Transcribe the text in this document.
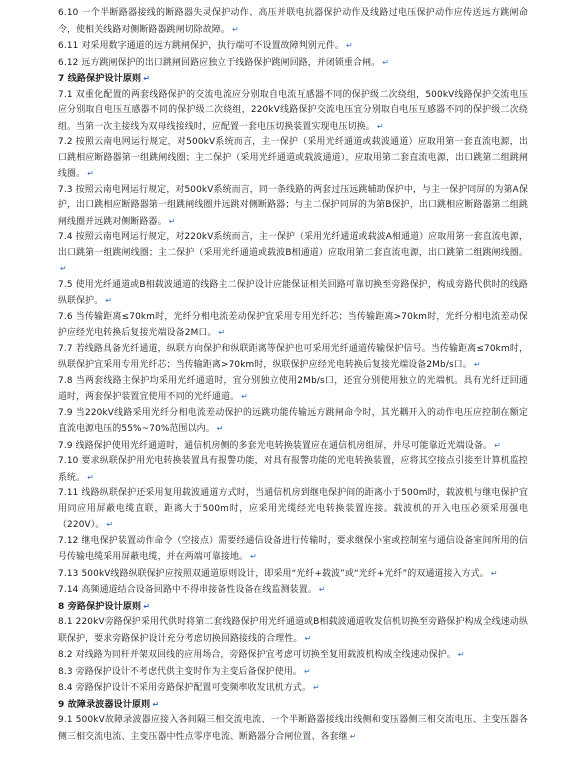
6.10 一个半断路器接线的断路器失灵保护动作、高压并联电抗器保护动作及线路过电压保护动作应传送远方跳闸命令，使相关线路对侧断路器跳闸切除故障。 ↵
6.11 对采用数字通道的远方跳闸保护，执行端可不设置故障判别元件。 ↵
6.12 远方跳闸保护的出口跳闸回路应独立于线路保护跳闸回路，并闭锁重合闸。 ↵
7 线路保护设计原则 ↵
7.1 双重化配置的两套线路保护的交流电流应分别取自电流互感器不同的保护级二次绕组，500kV线路保护交流电压应分别取自电压互感器不同的保护级二次绕组，220kV线路保护交流电压宜分别取自电压互感器不同的保护级二次绕组。当第一次主接线为双母线接线时，应配置一套电压切换装置实现电压切换。 ↵
7.2 按照云南电网运行规定，对500kV系统而言，主一保护（采用光纤通道或载波通道）应取用第一套直流电源，出口跳相应断路器第一组跳闸线圈；主二保护（采用光纤通道或载波通道），应取用第二套直流电源，出口跳第二组跳闸线圈。 ↵
7.3 按照云南电网运行规定，对500kV系统而言，同一条线路的两套过压远跳辅助保护中，与主一保护同屏的为第A保护，出口跳相应断路器第一组跳闸线圈并远跳对侧断路器；与主二保护同屏的为第B保护，出口跳相应断路器第二组跳闸线圈并远跳对侧断路器。 ↵
7.4 按照云南电网运行规定，对220kV系统而言，主一保护（采用光纤通道或载波A相通道）应取用第一套直流电源，出口跳第一组跳闸线圈；主二保护（采用光纤通道或载波B相通道）应取用第二套直流电源，出口跳第二组跳闸线圈。↵
7.5 使用光纤通道或B相载波通道的线路主二保护设计应能保证相关回路可靠切换至旁路保护，构成旁路代供时的线路纵联保护。 ↵
7.6 当传输距离≤70km时，光纤分相电流差动保护宜采用专用光纤芯；当传输距离>70km时，光纤分相电流差动保护应经光电转换后复接光端设备2M口。 ↵
7.7 若线路具备光纤通道，纵联方向保护和纵联距离等保护也可采用光纤通道传输保护信号。当传输距离≤70km时，纵联保护宜采用专用光纤芯；当传输距离>70km时，纵联保护应经光电转换后复接光端设备2Mb/s口。 ↵
7.8 当两套线路主保护均采用光纤通道时，宜分别独立使用2Mb/s口，还宜分别使用独立的光端机。具有光纤迂回通道时，两套保护装置宜使用不同的光纤通道。 ↵
7.9 当220kV线路采用光纤分相电流差动保护的远跳功能传输远方跳闸命令时，其光耦开入的动作电压应控制在额定直流电源电压的55%~70%范围以内。 ↵
7.9 线路保护使用光纤通道时，通信机房侧的多套光电转换装置应在通信机房组屏，并尽可能靠近光端设备。 ↵
7.10 要求纵联保护用光电转换装置具有报警功能，对具有报警功能的光电转换装置，应将其空接点引接至计算机监控系统。 ↵
7.11 线路纵联保护还采用复用载波通道方式时，当通信机房到继电保护间的距离小于500m时，载波机与继电保护宜用同应用屏蔽电缆直联，距离大于500m时，应采用光缆经光电转换装置连接。载波机的开入电压必须采用强电（220V）。 ↵
7.12 继电保护装置动作命令（空接点）需要经通信设备进行传输时，要求继保小室或控制室与通信设备室间所用的信号传输电缆采用屏蔽电缆，并在两端可靠接地。 ↵
7.13 500kV线路纵联保护应按照双通道原则设计，即采用“光纤+载波”或“光纤+光纤”的双通道接入方式。 ↵
7.14 高频通道结合设备回路中不得串接备性设备在线监测装置。 ↵
8 旁路保护设计原则 ↵
8.1 220kV旁路保护采用代供时将第二套线路保护用光纤通道或B相载波通道收发信机切换至旁路保护构成全线速动纵联保护，要求旁路保护设计充分考虑切换回路接线的合理性。 ↵
8.2 对线路为同杆并架双回线的应用场合，旁路保护宜考虑可切换至复用载波机构成全线速动保护。 ↵
8.3 旁路保护设计不考虑代供主变时作为主变后备保护使用。 ↵
8.4 旁路保护设计不采用旁路保护配置可变频率收发讯机方式。 ↵
9 故障录波器设计原则 ↵
9.1 500kV故障录波器应接入各间隔三相交流电流、一个半断路器接线出线侧和变压器侧三相交流电压、主变压器各侧三相交流电流、主变压器中性点零序电流、断路器分合闸位置、各套继 ↵
